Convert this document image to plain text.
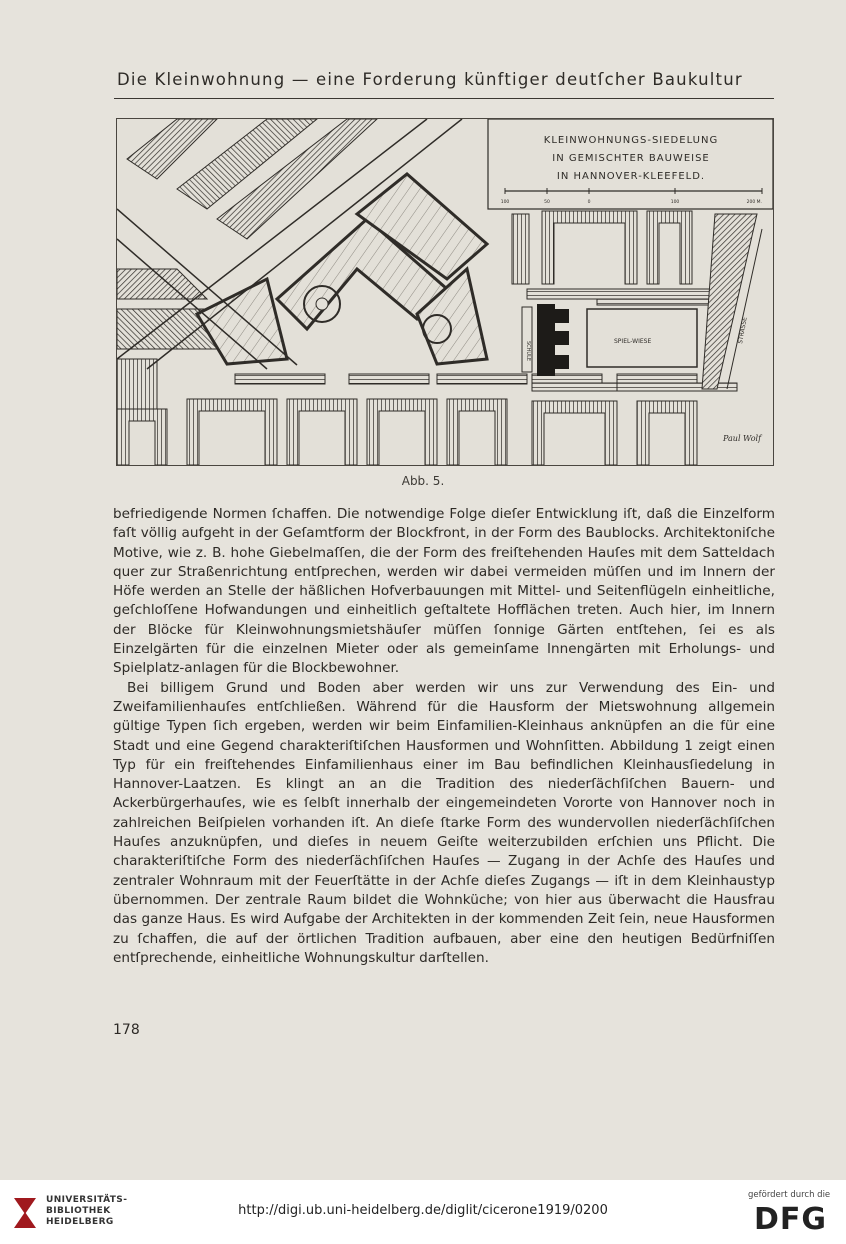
Die Kleinwohnung — eine Forderung künftiger deutſcher Baukultur
SCHULE	SPIEL-WIESE	STRASSE
KLEINWOHNUNGS-SIEDELUNG
IN GEMISCHTER BAUWEISE
IN HANNOVER-KLEEFELD.
100	50	0	100	200 M.
Paul Wolf
Abb. 5.

befriedigende Normen ſchaffen. Die notwendige Folge dieſer Entwicklung iſt, daß die Einzelform faſt völlig aufgeht in der Geſamtform der Blockfront, in der Form des Baublocks. Architektoniſche Motive, wie z. B. hohe Giebelmaſſen, die der Form des freiſtehenden Hauſes mit dem Satteldach quer zur Straßenrichtung entſprechen, werden wir dabei vermeiden müſſen und im Innern der Höfe werden an Stelle der häßlichen Hofverbauungen mit Mittel- und Seitenflügeln einheitliche, geſchloſſene Hofwandungen und einheitlich geſtaltete Hofflächen treten. Auch hier, im Innern der Blöcke für Kleinwohnungsmietshäuſer müſſen ſonnige Gärten entſtehen, ſei es als Einzelgärten für die einzelnen Mieter oder als gemeinſame Innengärten mit Erholungs- und Spielplatz-anlagen für die Blockbewohner.

Bei billigem Grund und Boden aber werden wir uns zur Verwendung des Ein- und Zweifamilienhauſes entſchließen. Während für die Hausform der Mietswohnung allgemein gültige Typen ſich ergeben, werden wir beim Einfamilien-Kleinhaus anknüpfen an die für eine Stadt und eine Gegend charakteriſtiſchen Hausformen und Wohnſitten. Abbildung 1 zeigt einen Typ für ein freiſtehendes Einfamilienhaus einer im Bau befindlichen Kleinhausſiedelung in Hannover-Laatzen. Es klingt an an die Tradition des niederſächſiſchen Bauern- und Ackerbürgerhauſes, wie es ſelbſt innerhalb der eingemeindeten Vororte von Hannover noch in zahlreichen Beiſpielen vorhanden iſt. An dieſe ſtarke Form des wundervollen niederſächſiſchen Hauſes anzuknüpfen, und dieſes in neuem Geiſte weiterzubilden erſchien uns Pflicht. Die charakteriſtiſche Form des niederſächſiſchen Hauſes — Zugang in der Achſe des Hauſes und zentraler Wohnraum mit der Feuerſtätte in der Achſe dieſes Zugangs — iſt in dem Kleinhaustyp übernommen. Der zentrale Raum bildet die Wohnküche; von hier aus überwacht die Hausfrau das ganze Haus. Es wird Aufgabe der Architekten in der kommenden Zeit ſein, neue Hausformen zu ſchaffen, die auf der örtlichen Tradition aufbauen, aber eine den heutigen Bedürfniſſen entſprechende, einheitliche Wohnungskultur darſtellen.

178
UNIVERSITÄTS-
BIBLIOTHEK
HEIDELBERG
http://digi.ub.uni-heidelberg.de/diglit/cicerone1919/0200
gefördert durch die
DFG
